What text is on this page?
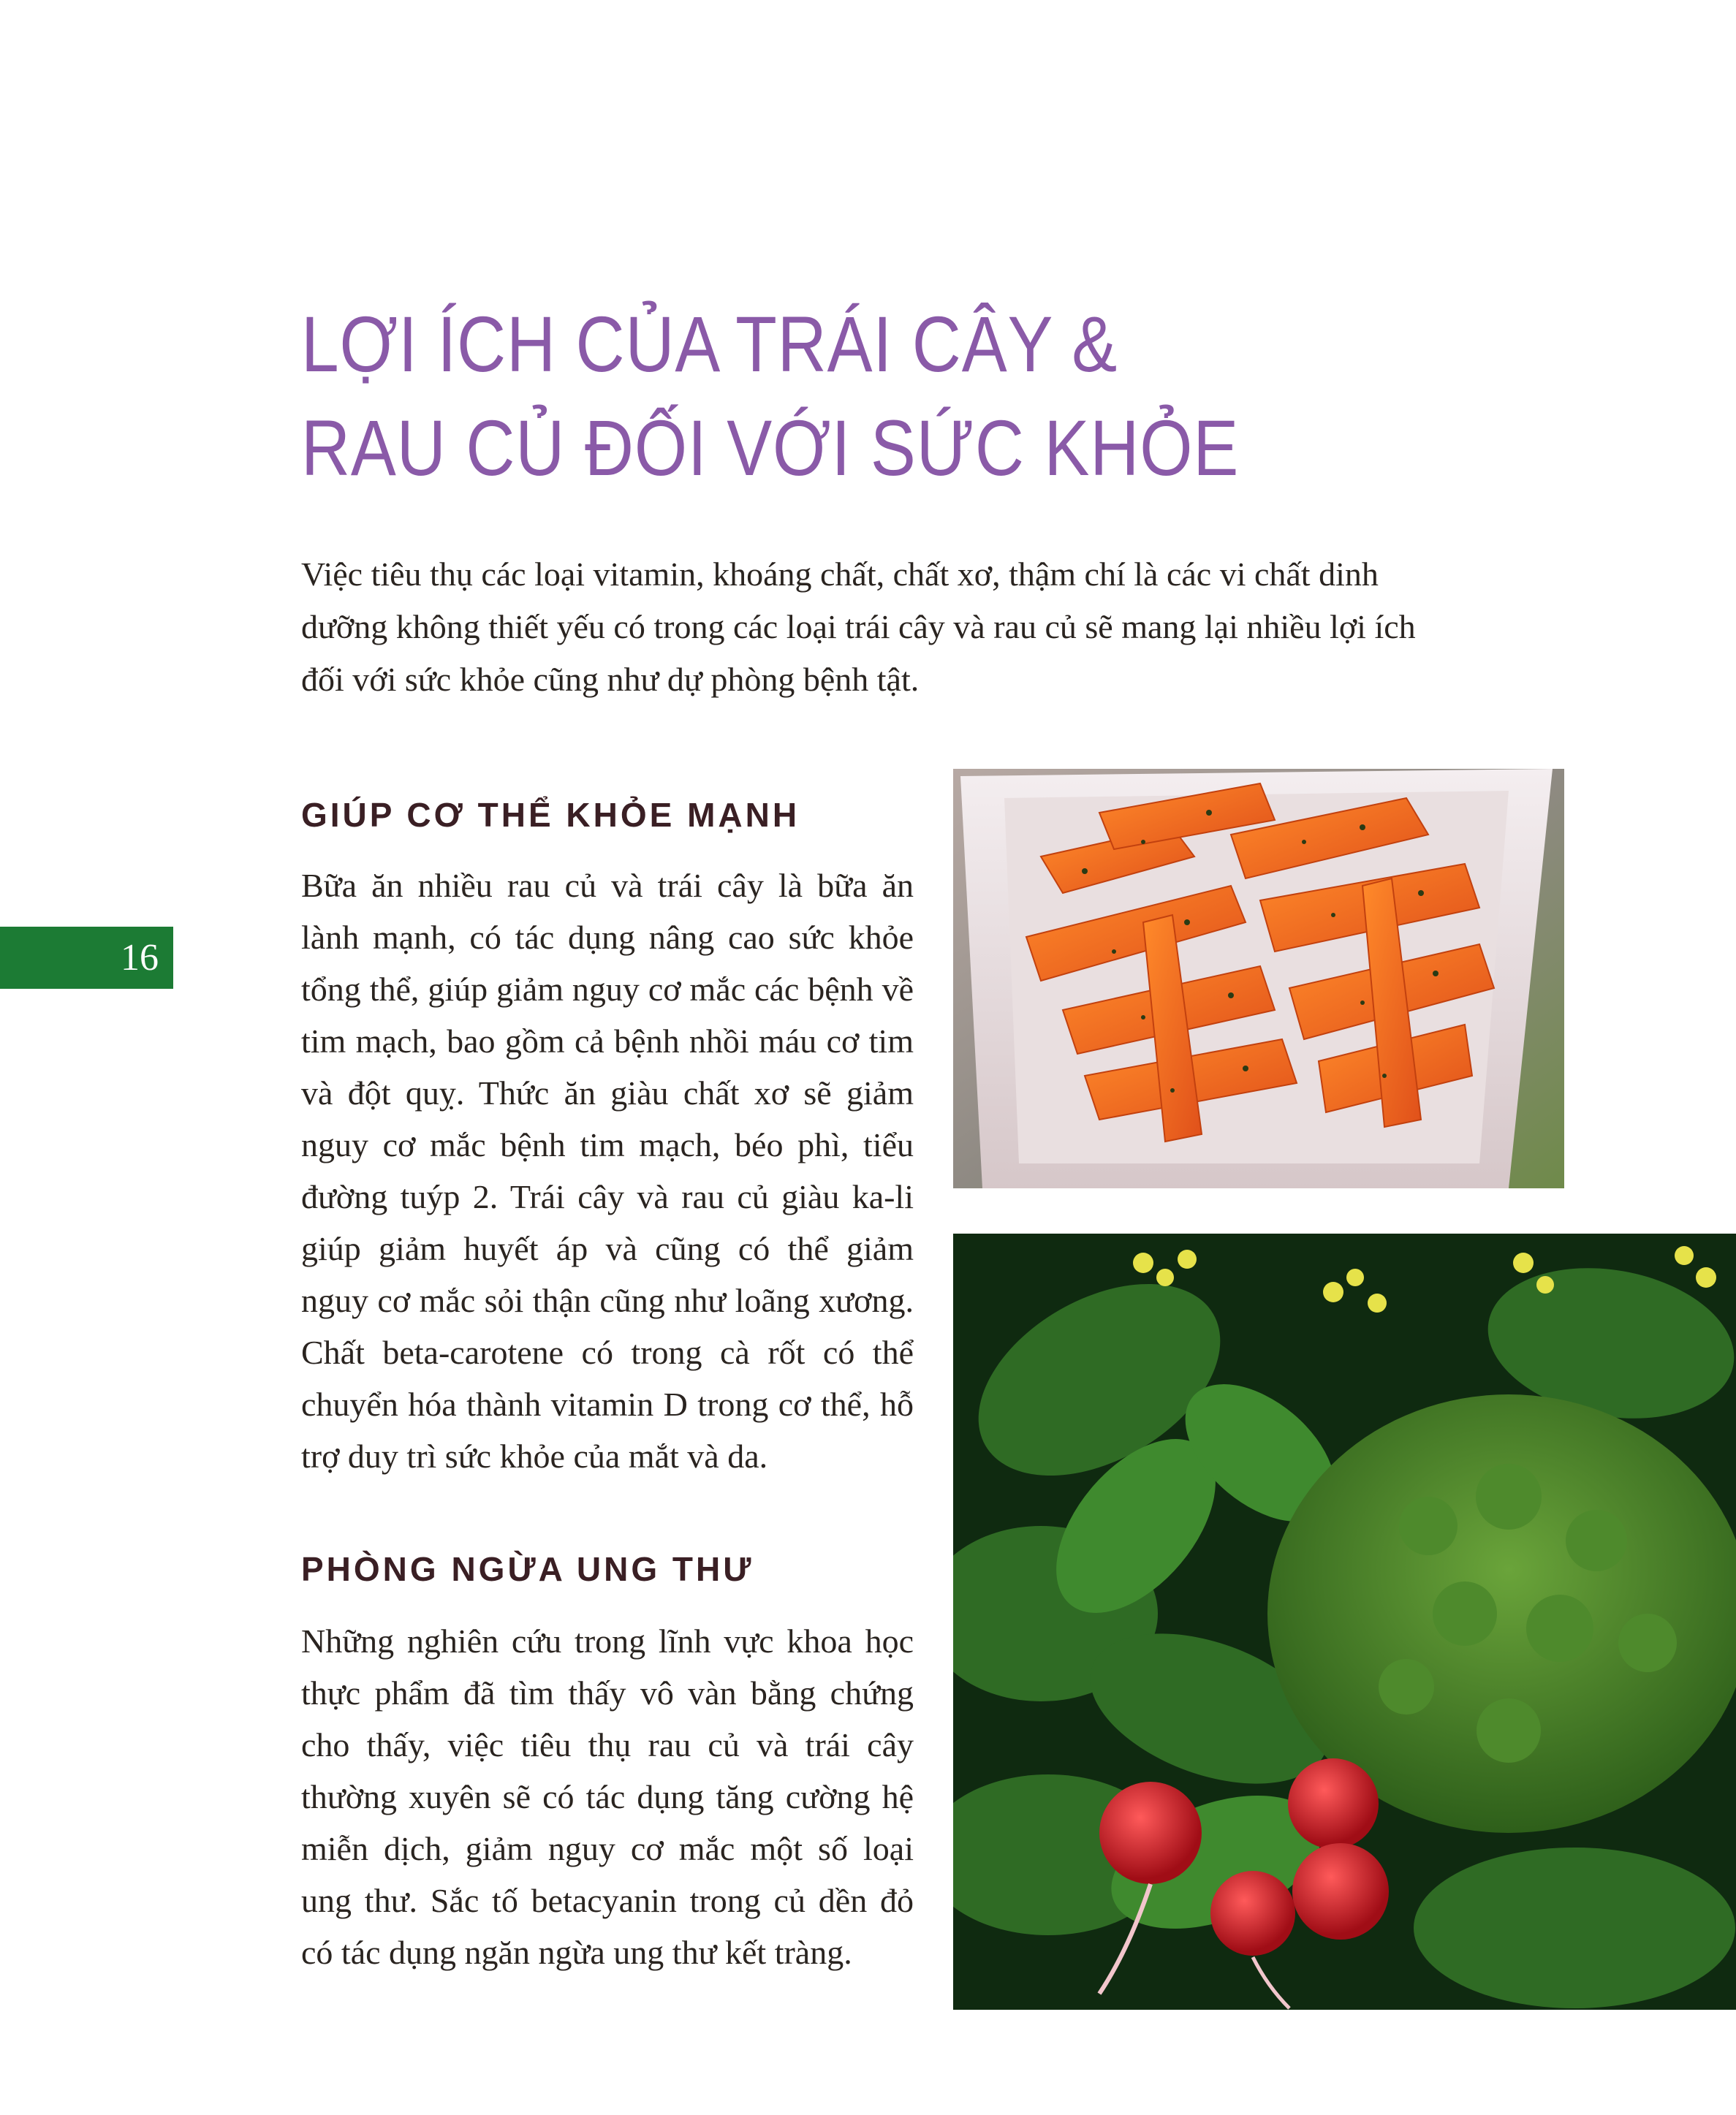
LỢI ÍCH CỦA TRÁI CÂY &
RAU CỦ ĐỐI VỚI SỨC KHỎE

Việc tiêu thụ các loại vitamin, khoáng chất, chất xơ, thậm chí là các vi chất dinh dưỡng không thiết yếu có trong các loại trái cây và rau củ sẽ mang lại nhiều lợi ích đối với sức khỏe cũng như dự phòng bệnh tật.

GIÚP CƠ THỂ KHỎE MẠNH

Bữa ăn nhiều rau củ và trái cây là bữa ăn lành mạnh, có tác dụng nâng cao sức khỏe tổng thể, giúp giảm nguy cơ mắc các bệnh về tim mạch, bao gồm cả bệnh nhồi máu cơ tim và đột quỵ. Thức ăn giàu chất xơ sẽ giảm nguy cơ mắc bệnh tim mạch, béo phì, tiểu đường tuýp 2. Trái cây và rau củ giàu ka-li giúp giảm huyết áp và cũng có thể giảm nguy cơ mắc sỏi thận cũng như loãng xương. Chất beta-carotene có trong cà rốt có thể chuyển hóa thành vitamin D trong cơ thể, hỗ trợ duy trì sức khỏe của mắt và da.

PHÒNG NGỪA UNG THƯ

Những nghiên cứu trong lĩnh vực khoa học thực phẩm đã tìm thấy vô vàn bằng chứng cho thấy, việc tiêu thụ rau củ và trái cây thường xuyên sẽ có tác dụng tăng cường hệ miễn dịch, giảm nguy cơ mắc một số loại ung thư. Sắc tố betacyanin trong củ dền đỏ có tác dụng ngăn ngừa ung thư kết tràng.

16
